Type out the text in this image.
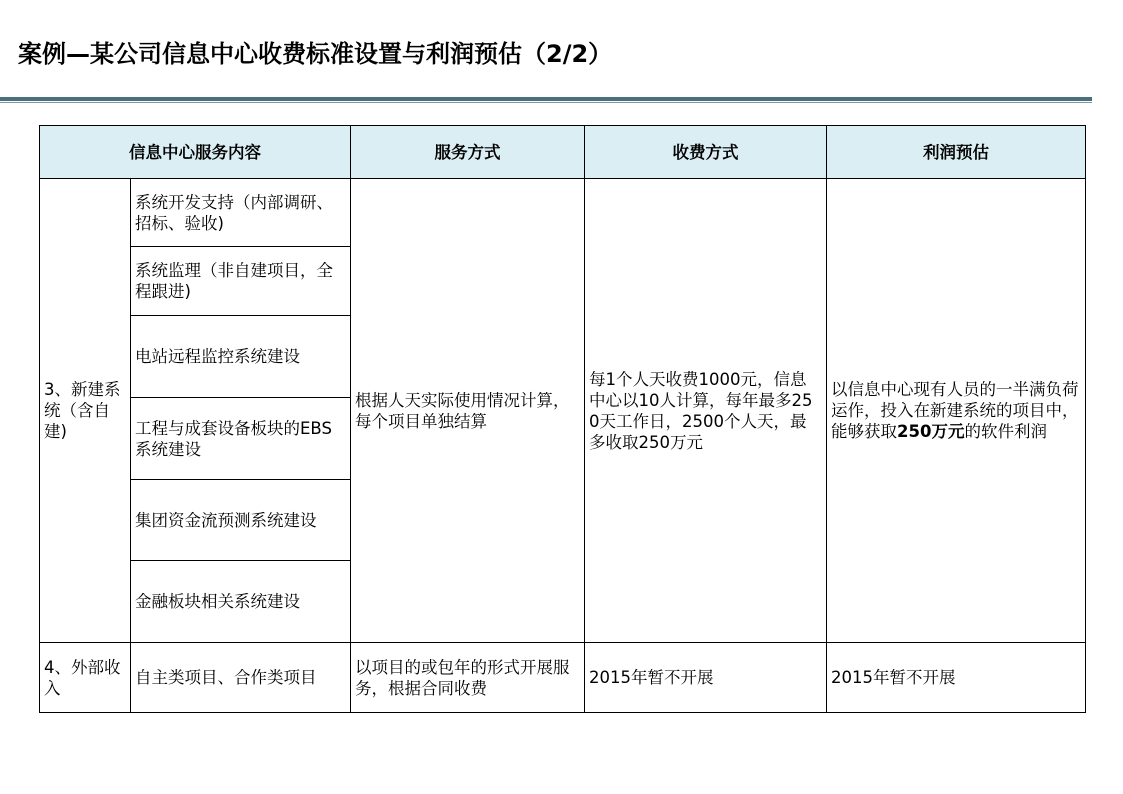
案例—某公司信息中心收费标准设置与利润预估（2/2）
信息中心服务内容		服务方式	收费方式	利润预估
3、新建系统（含自建)	系统开发支持（内部调研、招标、验收)	根据人天实际使用情况计算，每个项目单独结算	每1个人天收费1000元，信息中心以10人计算，每年最多250天工作日，2500个人天，最多收取250万元	以信息中心现有人员的一半满负荷运作，投入在新建系统的项目中，能够获取250万元的软件利润
	系统监理（非自建项目，全程跟进)			
	电站远程监控系统建设			
	工程与成套设备板块的EBS系统建设			
	集团资金流预测系统建设			
	金融板块相关系统建设			
4、外部收入	自主类项目、合作类项目	以项目的或包年的形式开展服务，根据合同收费	2015年暂不开展	2015年暂不开展
